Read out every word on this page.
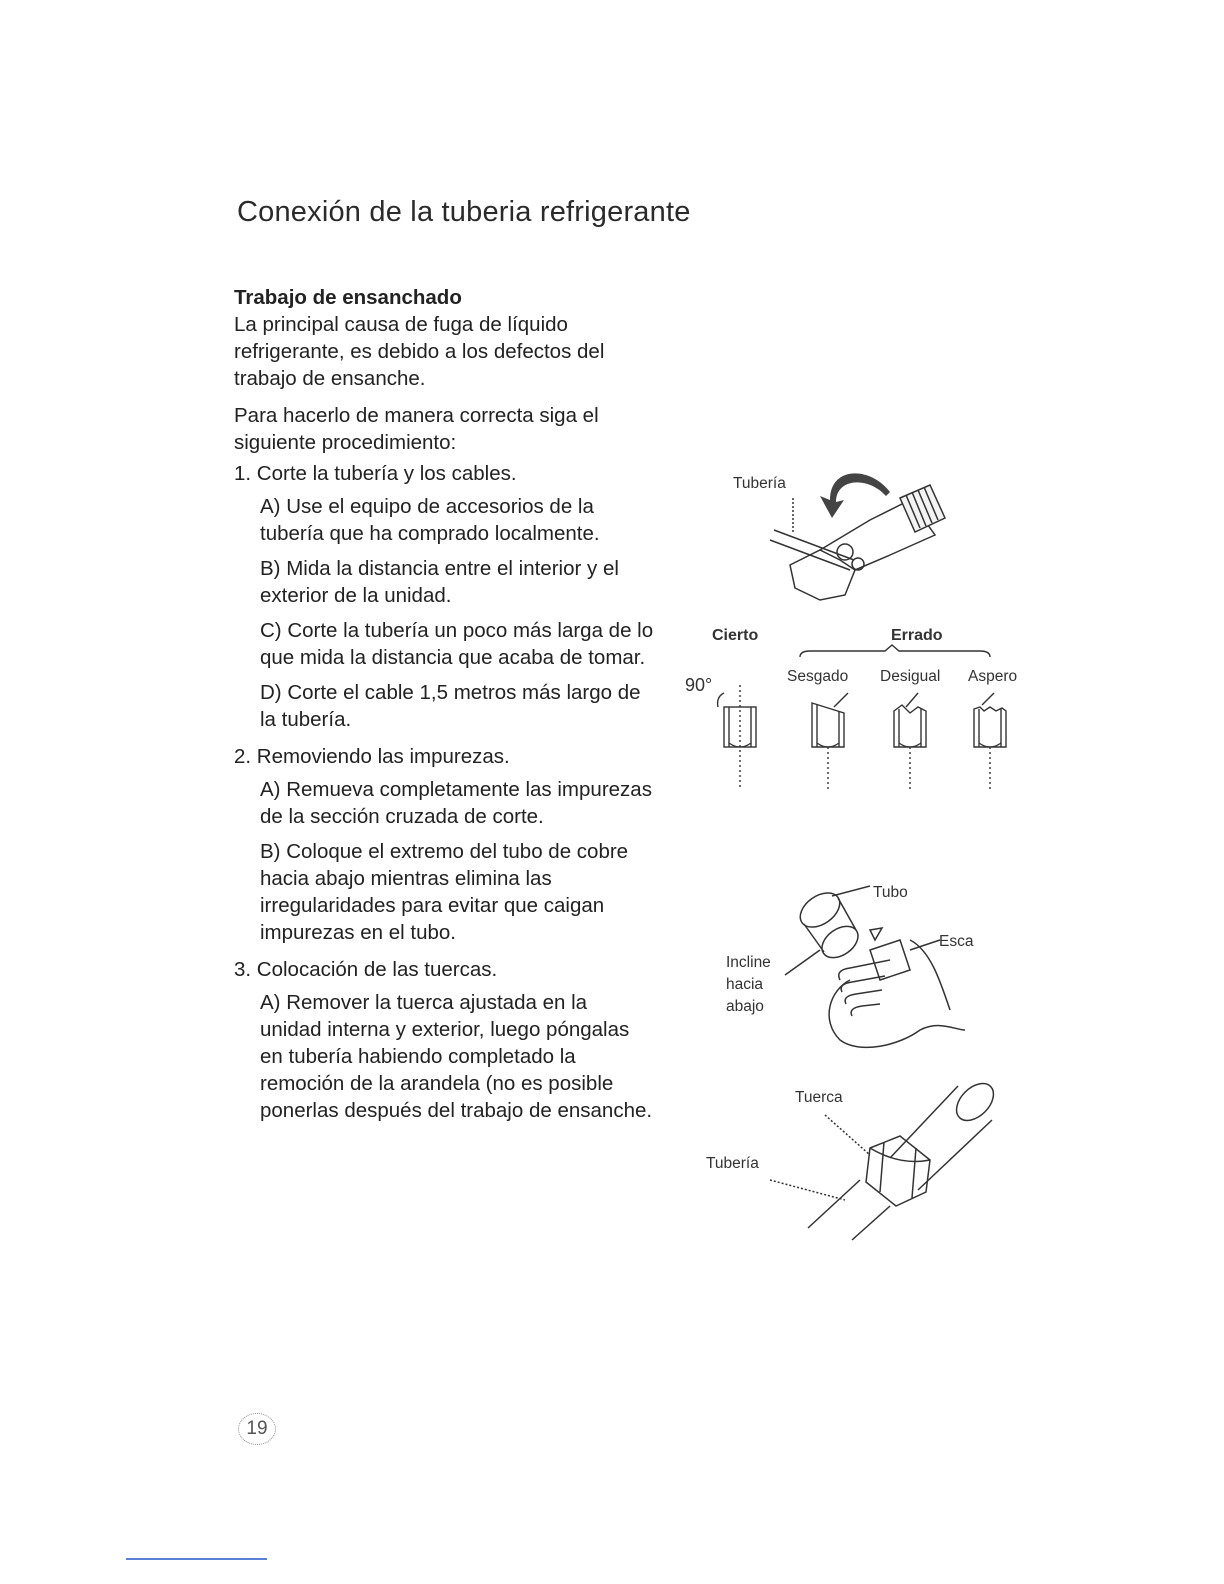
Conexión de la tuberia refrigerante

Trabajo de ensanchado

La principal causa de fuga de líquido refrigerante, es debido a los defectos del trabajo de ensanche.

Para hacerlo de manera correcta siga el siguiente procedimiento:

1. Corte la tubería y los cables.

A) Use el equipo de accesorios de la tubería que ha comprado localmente.

B) Mida la distancia entre el interior y el exterior de la unidad.

C) Corte la tubería un poco más larga de lo que mida la distancia que acaba de tomar.

D) Corte el cable 1,5 metros más largo de la tubería.

2. Removiendo las impurezas.

A) Remueva completamente las impurezas de la sección cruzada de corte.

B) Coloque el extremo del tubo de cobre hacia abajo mientras elimina las irregularidades para evitar que caigan impurezas en el tubo.

3. Colocación de las tuercas.

A) Remover la tuerca ajustada en la unidad interna y exterior, luego póngalas en tubería habiendo completado la remoción de la arandela (no es posible ponerlas después del trabajo de ensanche.

Tubería
Cierto	Errado
90°	Sesgado Desigual Aspero
Tubo
Esca
Incline
hacia
abajo
Tuerca
Tubería
19
